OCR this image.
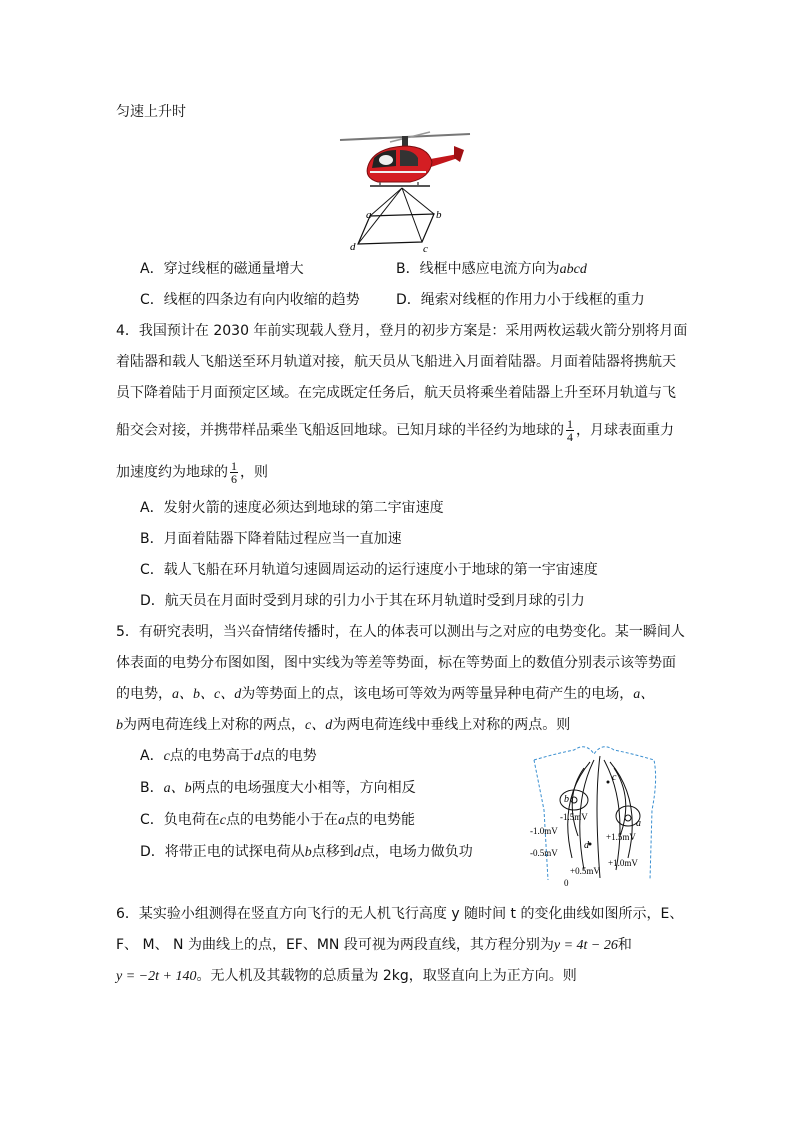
匀速上升时
a	b
c
d
A．穿过线框的磁通量增大	B．线框中感应电流方向为abcd
C．线框的四条边有向内收缩的趋势	D．绳索对线框的作用力小于线框的重力
4．我国预计在 2030 年前实现载人登月，登月的初步方案是：采用两枚运载火箭分别将月面
着陆器和载人飞船送至环月轨道对接，航天员从飞船进入月面着陆器。月面着陆器将携航天
员下降着陆于月面预定区域。在完成既定任务后，航天员将乘坐着陆器上升至环月轨道与飞
船交会对接，并携带样品乘坐飞船返回地球。已知月球的半径约为地球的 $\frac{1}{4}$ ，月球表面重力
加速度约为地球的 $\frac{1}{6}$ ，则
A．发射火箭的速度必须达到地球的第二宇宙速度
B．月面着陆器下降着陆过程应当一直加速
C．载人飞船在环月轨道匀速圆周运动的运行速度小于地球的第一宇宙速度
D．航天员在月面时受到月球的引力小于其在环月轨道时受到月球的引力
5．有研究表明，当兴奋情绪传播时，在人的体表可以测出与之对应的电势变化。某一瞬间人
体表面的电势分布图如图，图中实线为等差等势面，标在等势面上的数值分别表示该等势面
的电势，a、b、c、d为等势面上的点，该电场可等效为两等量异种电荷产生的电场，a、
b为两电荷连线上对称的两点，c、d为两电荷连线中垂线上对称的两点。则
A．c点的电势高于d点的电势
B．a、b两点的电场强度大小相等，方向相反
C．负电荷在c点的电势能小于在a点的电势能
D．将带正电的试探电荷从b点移到d点，电场力做负功
c
b
a
d
-1.5mV
-1.0mV
-0.5mV
+1.5mV
+1.0mV
+0.5mV
0
6．某实验小组测得在竖直方向飞行的无人机飞行高度 y 随时间 t 的变化曲线如图所示，E、
F、 M、 N 为曲线上的点，EF、MN 段可视为两段直线，其方程分别为y = 4t − 26和
y = −2t + 140。无人机及其载物的总质量为 2kg，取竖直向上为正方向。则
